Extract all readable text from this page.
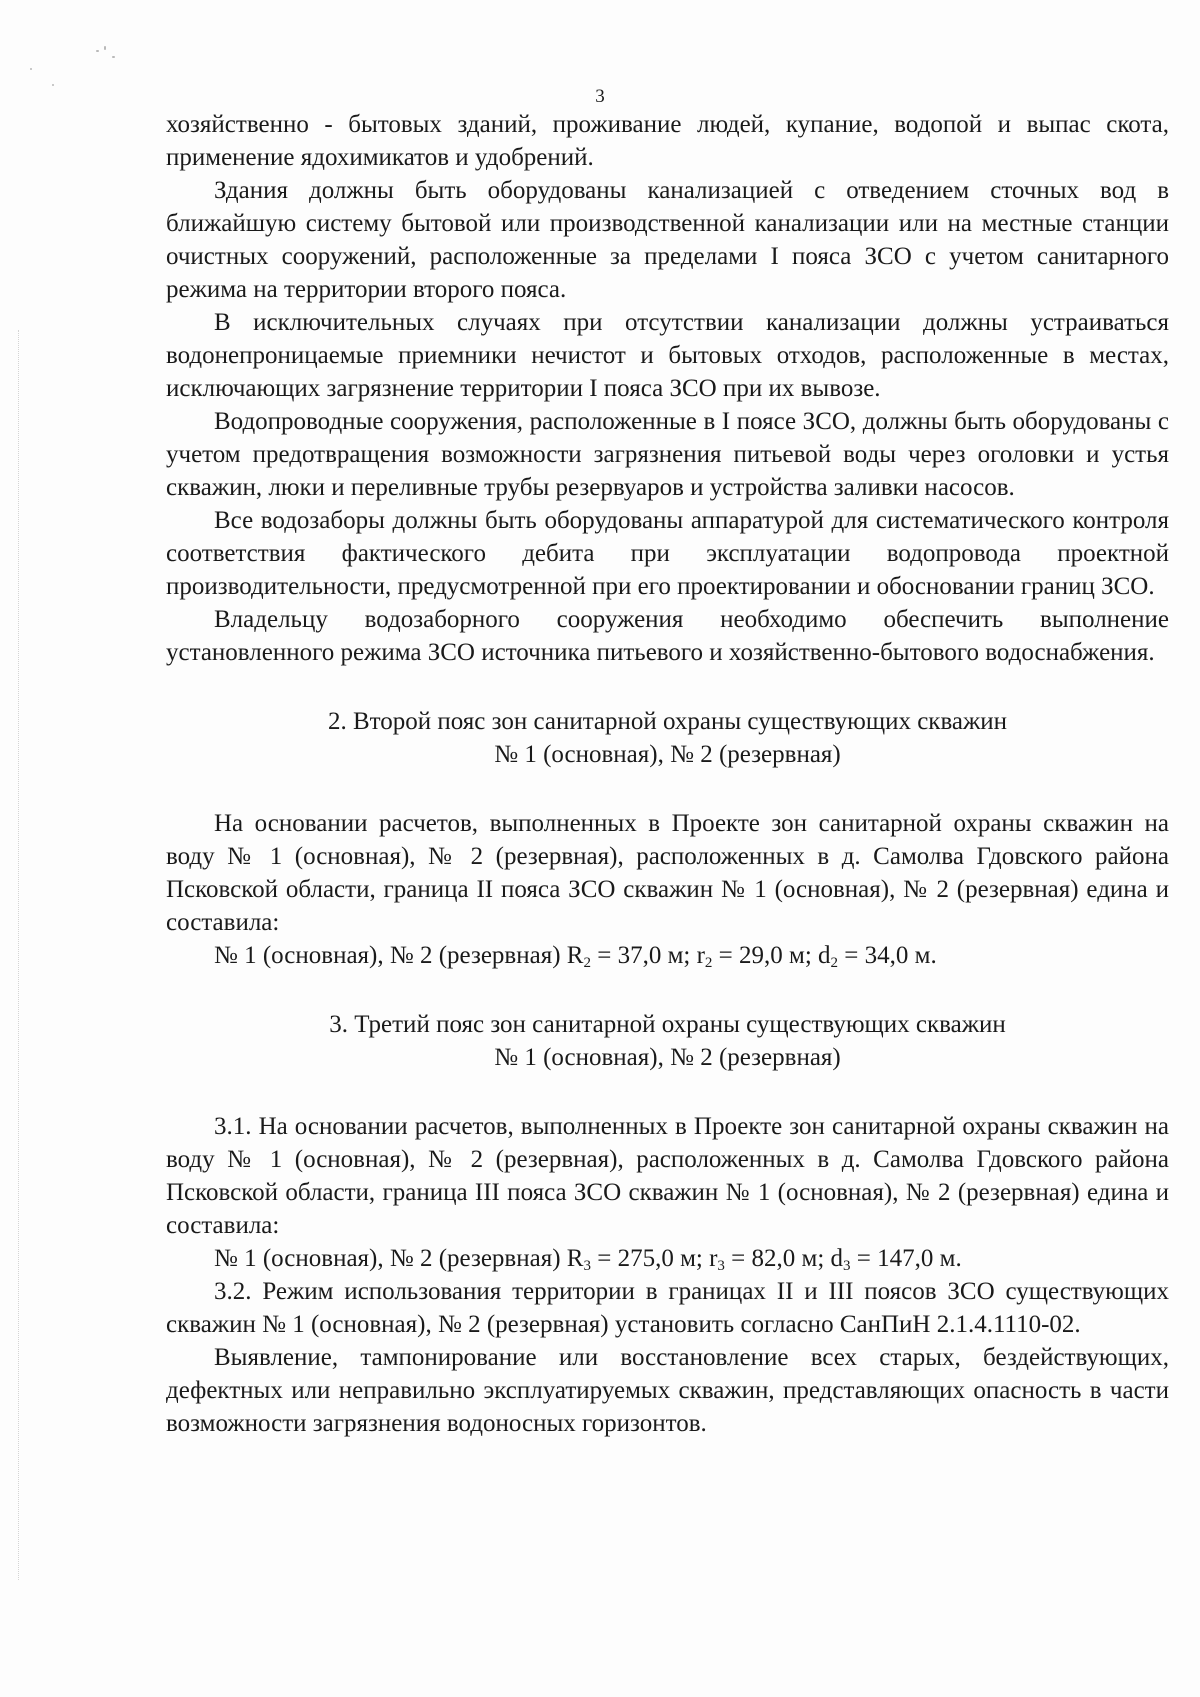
3

хозяйственно - бытовых зданий, проживание людей, купание, водопой и выпас скота, применение ядохимикатов и удобрений.

Здания должны быть оборудованы канализацией с отведением сточных вод в ближайшую систему бытовой или производственной канализации или на местные станции очистных сооружений, расположенные за пределами I пояса ЗСО с учетом санитарного режима на территории второго пояса.

В исключительных случаях при отсутствии канализации должны устраиваться водонепроницаемые приемники нечистот и бытовых отходов, расположенные в местах, исключающих загрязнение территории I пояса ЗСО при их вывозе.

Водопроводные сооружения, расположенные в I поясе ЗСО, должны быть оборудованы с учетом предотвращения возможности загрязнения питьевой воды через оголовки и устья скважин, люки и переливные трубы резервуаров и устройства заливки насосов.

Все водозаборы должны быть оборудованы аппаратурой для систематического контроля соответствия фактического дебита при эксплуатации водопровода проектной производительности, предусмотренной при его проектировании и обосновании границ ЗСО.

Владельцу водозаборного сооружения необходимо обеспечить выполнение установленного режима ЗСО источника питьевого и хозяйственно-бытового водоснабжения.

2. Второй пояс зон санитарной охраны существующих скважин

№ 1 (основная), № 2 (резервная)

На основании расчетов, выполненных в Проекте зон санитарной охраны скважин на воду № 1 (основная), № 2 (резервная), расположенных в д. Самолва Гдовского района Псковской области, граница II пояса ЗСО скважин № 1 (основная), № 2 (резервная) едина и составила:

№ 1 (основная), № 2 (резервная) $R_2 = 37,0$ м; $r_2 = 29,0$ м; $d_2 = 34,0$ м.

3. Третий пояс зон санитарной охраны существующих скважин

№ 1 (основная), № 2 (резервная)

3.1. На основании расчетов, выполненных в Проекте зон санитарной охраны скважин на воду № 1 (основная), № 2 (резервная), расположенных в д. Самолва Гдовского района Псковской области, граница III пояса ЗСО скважин № 1 (основная), № 2 (резервная) едина и составила:

№ 1 (основная), № 2 (резервная) $R_3 = 275,0$ м; $r_3 = 82,0$ м; $d_3 = 147,0$ м.

3.2. Режим использования территории в границах II и III поясов ЗСО существующих скважин № 1 (основная), № 2 (резервная) установить согласно СанПиН 2.1.4.1110-02.

Выявление, тампонирование или восстановление всех старых, бездействующих, дефектных или неправильно эксплуатируемых скважин, представляющих опасность в части возможности загрязнения водоносных горизонтов.
